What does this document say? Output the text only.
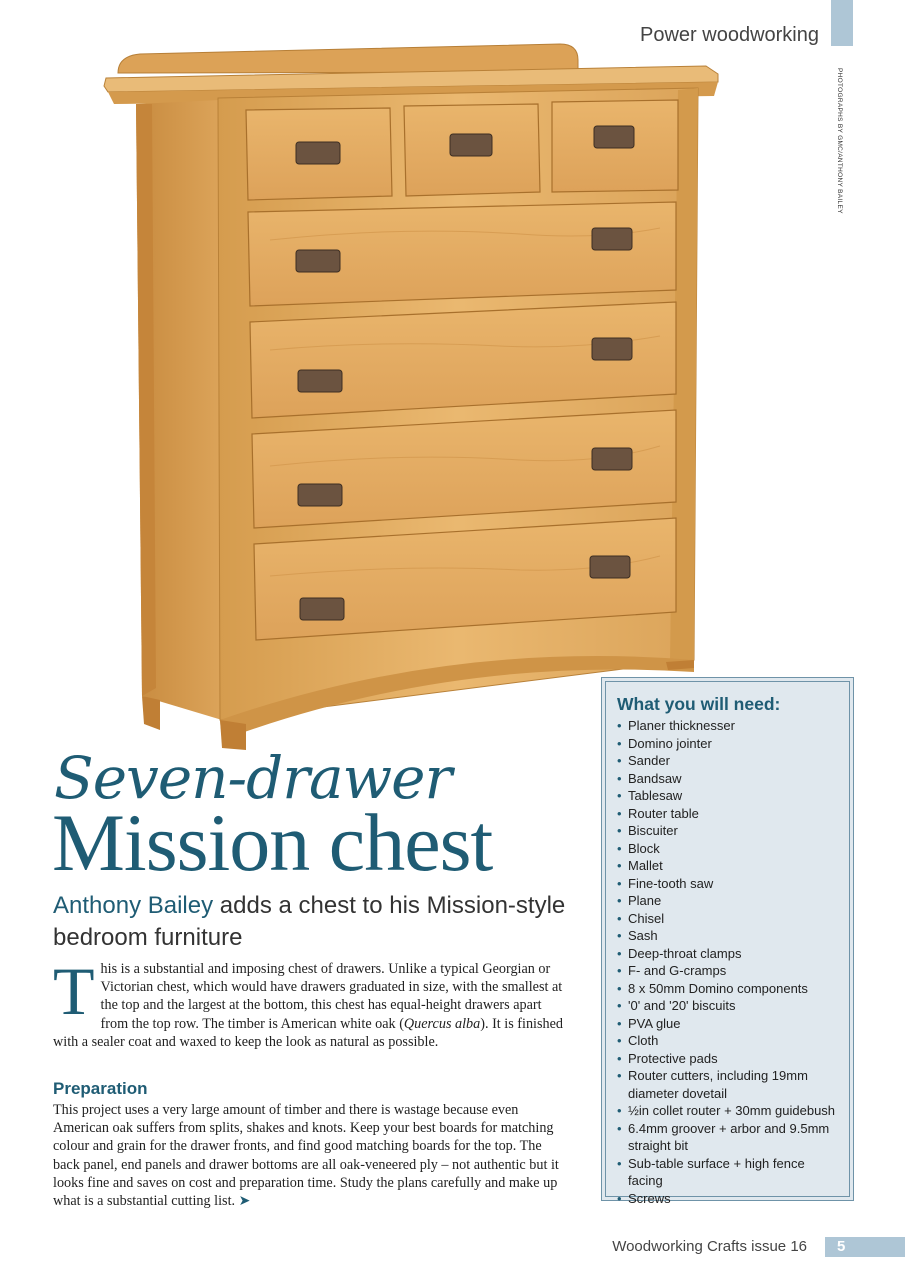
Power woodworking
PHOTOGRAPHS BY GMC/ANTHONY BAILEY
Seven-drawer
Mission chest
Anthony Bailey adds a chest to his Mission-style bedroom furniture

This is a substantial and imposing chest of drawers. Unlike a typical Georgian or Victorian chest, which would have drawers graduated in size, with the smallest at the top and the largest at the bottom, this chest has equal-height drawers apart from the top row. The timber is American white oak (Quercus alba). It is finished with a sealer coat and waxed to keep the look as natural as possible.

Preparation

This project uses a very large amount of timber and there is wastage because even American oak suffers from splits, shakes and knots. Keep your best boards for matching colour and grain for the drawer fronts, and find good matching boards for the top. The back panel, end panels and drawer bottoms are all oak-veneered ply – not authentic but it looks fine and saves on cost and preparation time. Study the plans carefully and make up what is a substantial cutting list. ➤

What you will need:
• Planer thicknesser
• Domino jointer
• Sander
• Bandsaw
• Tablesaw
• Router table
• Biscuiter
• Block
• Mallet
• Fine-tooth saw
• Plane
• Chisel
• Sash
• Deep-throat clamps
• F- and G-cramps
• 8 x 50mm Domino components
• '0' and '20' biscuits
• PVA glue
• Cloth
• Protective pads
• Router cutters, including 19mm diameter dovetail
• ½in collet router + 30mm guidebush
• 6.4mm groover + arbor and 9.5mm straight bit
• Sub-table surface + high fence facing
• Screws
Woodworking Crafts issue 16	5
